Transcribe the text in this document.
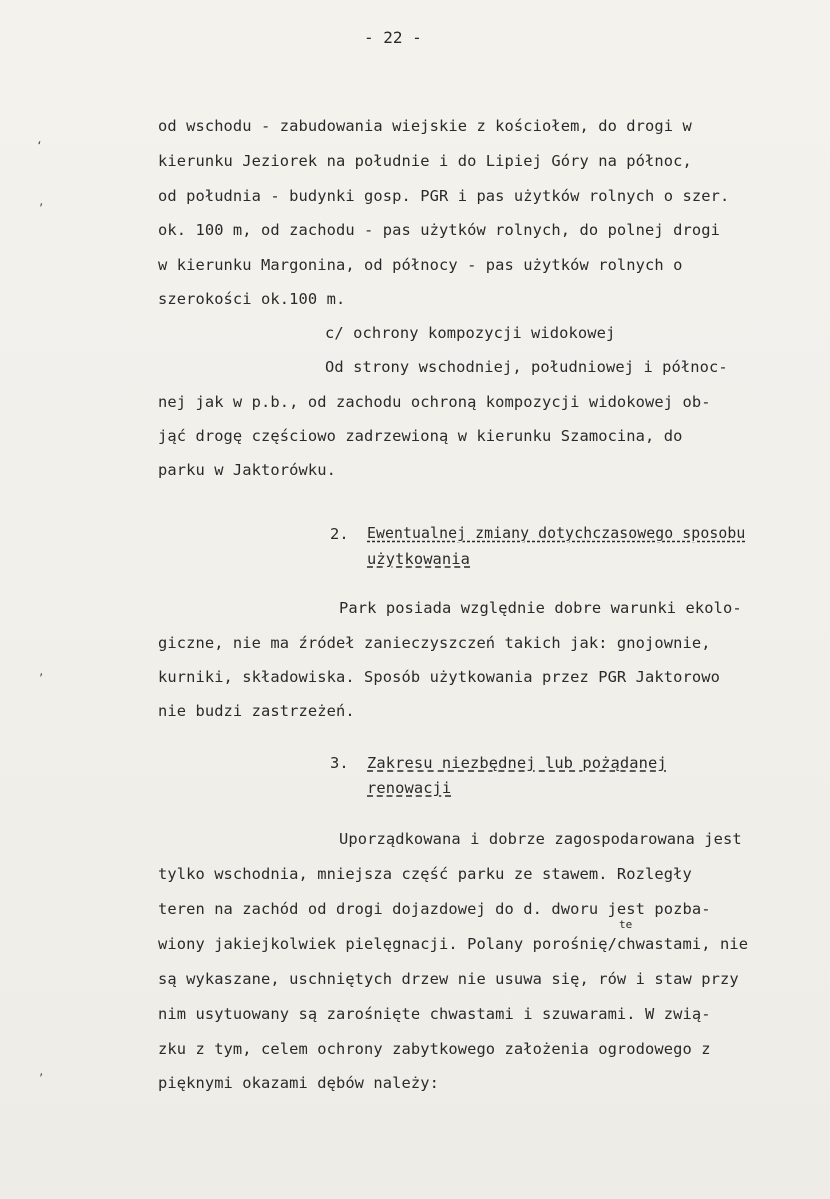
- 22 -
od wschodu - zabudowania wiejskie z kościołem, do drogi w
kierunku Jeziorek na południe i do Lipiej Góry na północ,
od południa - budynki gosp. PGR i pas użytków rolnych o szer.
ok. 100 m, od zachodu - pas użytków rolnych, do polnej drogi
w kierunku Margonina, od północy - pas użytków rolnych o
szerokości ok.100 m.
c/ ochrony kompozycji widokowej
Od strony wschodniej, południowej i północ-
nej jak w p.b., od zachodu ochroną kompozycji widokowej ob-
jąć drogę częściowo zadrzewioną w kierunku Szamocina, do
parku w Jaktorówku.
2. Ewentualnej zmiany dotychczasowego sposobu
użytkowania
Park posiada względnie dobre warunki ekolo-
giczne, nie ma źródeł zanieczyszczeń takich jak: gnojownie,
kurniki, składowiska. Sposób użytkowania przez PGR Jaktorowo
nie budzi zastrzeżeń.
3. Zakresu niezbędnej lub pożądanej
renowacji
Uporządkowana i dobrze zagospodarowana jest
tylko wschodnia, mniejsza część parku ze stawem. Rozległy
teren na zachód od drogi dojazdowej do d. dworu jest pozba-
wiony jakiejkolwiek pielęgnacji. Polany porośnię/chwastami, nie
te
są wykaszane, uschniętych drzew nie usuwa się, rów i staw przy
nim usytuowany są zarośnięte chwastami i szuwarami. W zwią-
zku z tym, celem ochrony zabytkowego założenia ogrodowego z
pięknymi okazami dębów należy:
‘
,
,
,
